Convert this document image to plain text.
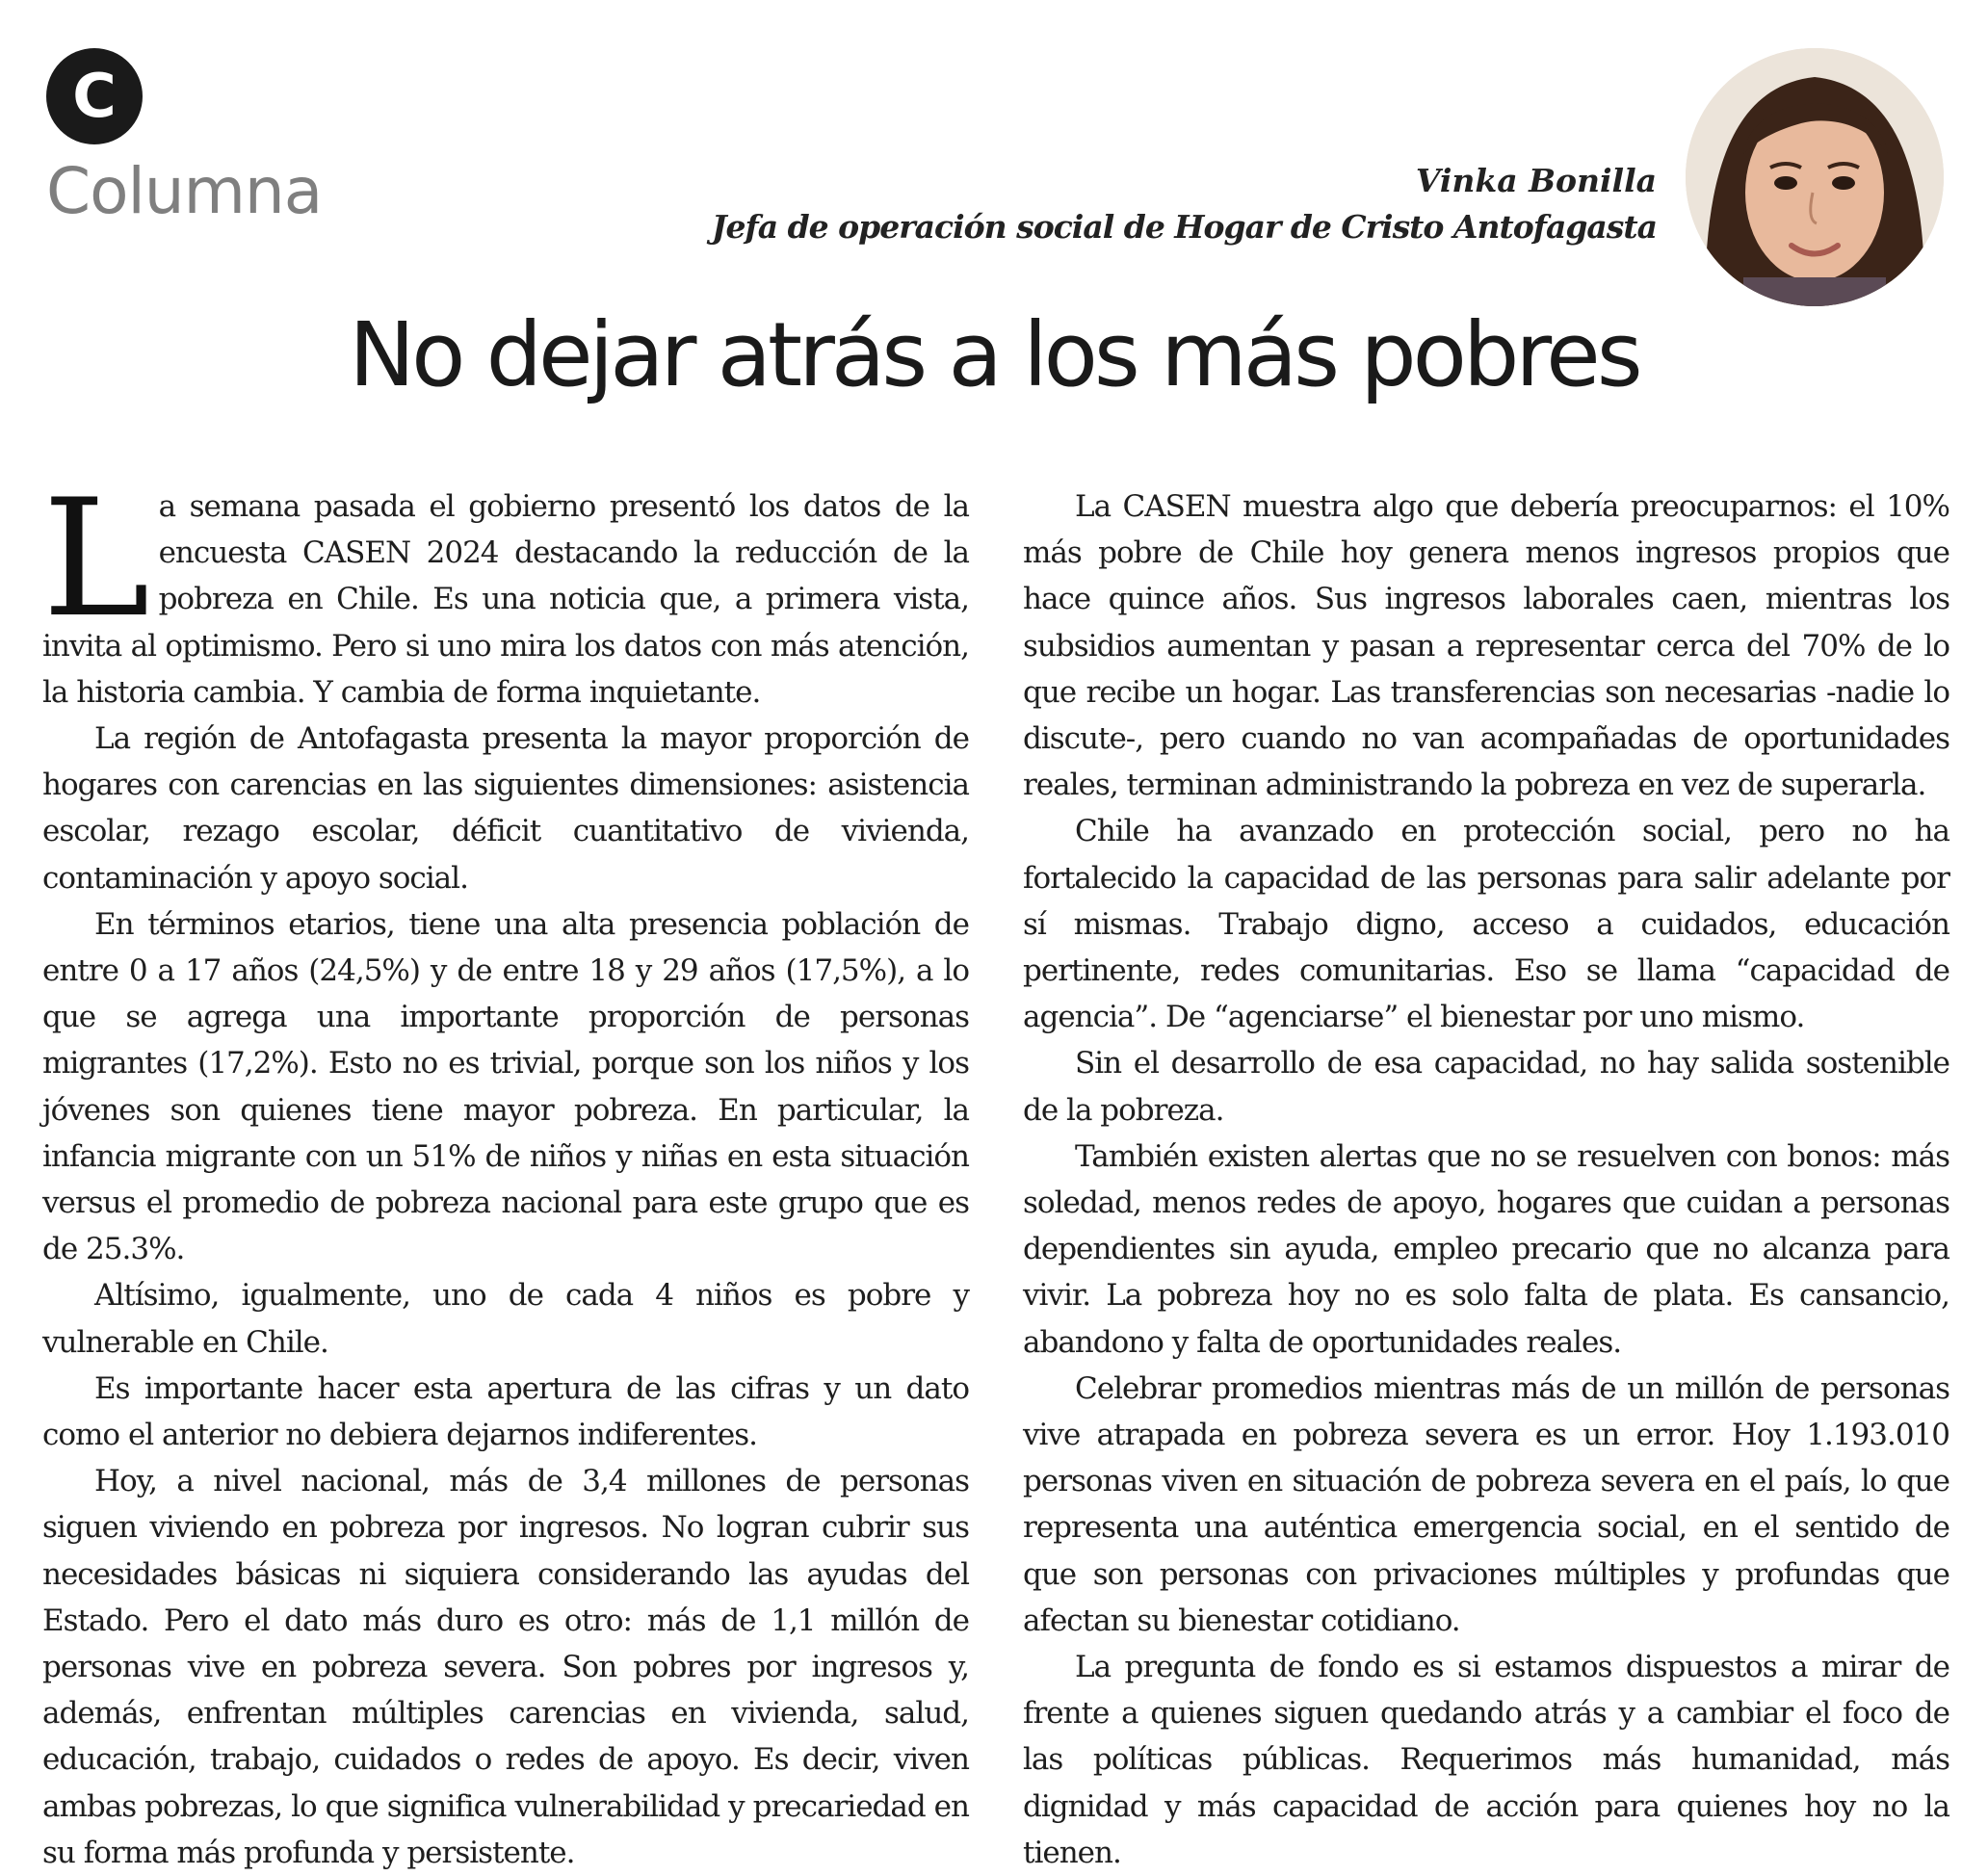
C
Columna	Vinka Bonilla
Jefa de operación social de Hogar de Cristo Antofagasta
No dejar atrás a los más pobres

La semana pasada el gobierno presentó los datos de la encuesta CASEN 2024 destacando la reducción de la pobreza en Chile. Es una noticia que, a primera vista, invita al optimismo. Pero si uno mira los datos con más atención, la historia cambia. Y cambia de forma inquietante.

La región de Antofagasta presenta la mayor proporción de hogares con carencias en las siguientes dimensiones: asistencia escolar, rezago escolar, déficit cuantitativo de vivienda, contaminación y apoyo social.

En términos etarios, tiene una alta presencia población de entre 0 a 17 años (24,5%) y de entre 18 y 29 años (17,5%), a lo que se agrega una importante proporción de personas migrantes (17,2%). Esto no es trivial, porque son los niños y los jóvenes son quienes tiene mayor pobreza. En particular, la infancia migrante con un 51% de niños y niñas en esta situación versus el promedio de pobreza nacional para este grupo que es de 25.3%.

Altísimo, igualmente, uno de cada 4 niños es pobre y vulnerable en Chile.

Es importante hacer esta apertura de las cifras y un dato como el anterior no debiera dejarnos indiferentes.

Hoy, a nivel nacional, más de 3,4 millones de personas siguen viviendo en pobreza por ingresos. No logran cubrir sus necesidades básicas ni siquiera considerando las ayudas del Estado. Pero el dato más duro es otro: más de 1,1 millón de personas vive en pobreza severa. Son pobres por ingresos y, además, enfrentan múltiples carencias en vivienda, salud, educación, trabajo, cuidados o redes de apoyo. Es decir, viven ambas pobrezas, lo que significa vulnerabilidad y precariedad en su forma más profunda y persistente.

La CASEN muestra algo que debería preocuparnos: el 10% más pobre de Chile hoy genera menos ingresos propios que hace quince años. Sus ingresos laborales caen, mientras los subsidios aumentan y pasan a representar cerca del 70% de lo que recibe un hogar. Las transferencias son necesarias -nadie lo discute-, pero cuando no van acompañadas de oportunidades reales, terminan administrando la pobreza en vez de superarla.

Chile ha avanzado en protección social, pero no ha fortalecido la capacidad de las personas para salir adelante por sí mismas. Trabajo digno, acceso a cuidados, educación pertinente, redes comunitarias. Eso se llama “capacidad de agencia”. De “agenciarse” el bienestar por uno mismo.

Sin el desarrollo de esa capacidad, no hay salida sostenible de la pobreza.

También existen alertas que no se resuelven con bonos: más soledad, menos redes de apoyo, hogares que cuidan a personas dependientes sin ayuda, empleo precario que no alcanza para vivir. La pobreza hoy no es solo falta de plata. Es cansancio, abandono y falta de oportunidades reales.

Celebrar promedios mientras más de un millón de personas vive atrapada en pobreza severa es un error. Hoy 1.193.010 personas viven en situación de pobreza severa en el país, lo que representa una auténtica emergencia social, en el sentido de que son personas con privaciones múltiples y profundas que afectan su bienestar cotidiano.

La pregunta de fondo es si estamos dispuestos a mirar de frente a quienes siguen quedando atrás y a cambiar el foco de las políticas públicas. Requerimos más humanidad, más dignidad y más capacidad de acción para quienes hoy no la tienen.
